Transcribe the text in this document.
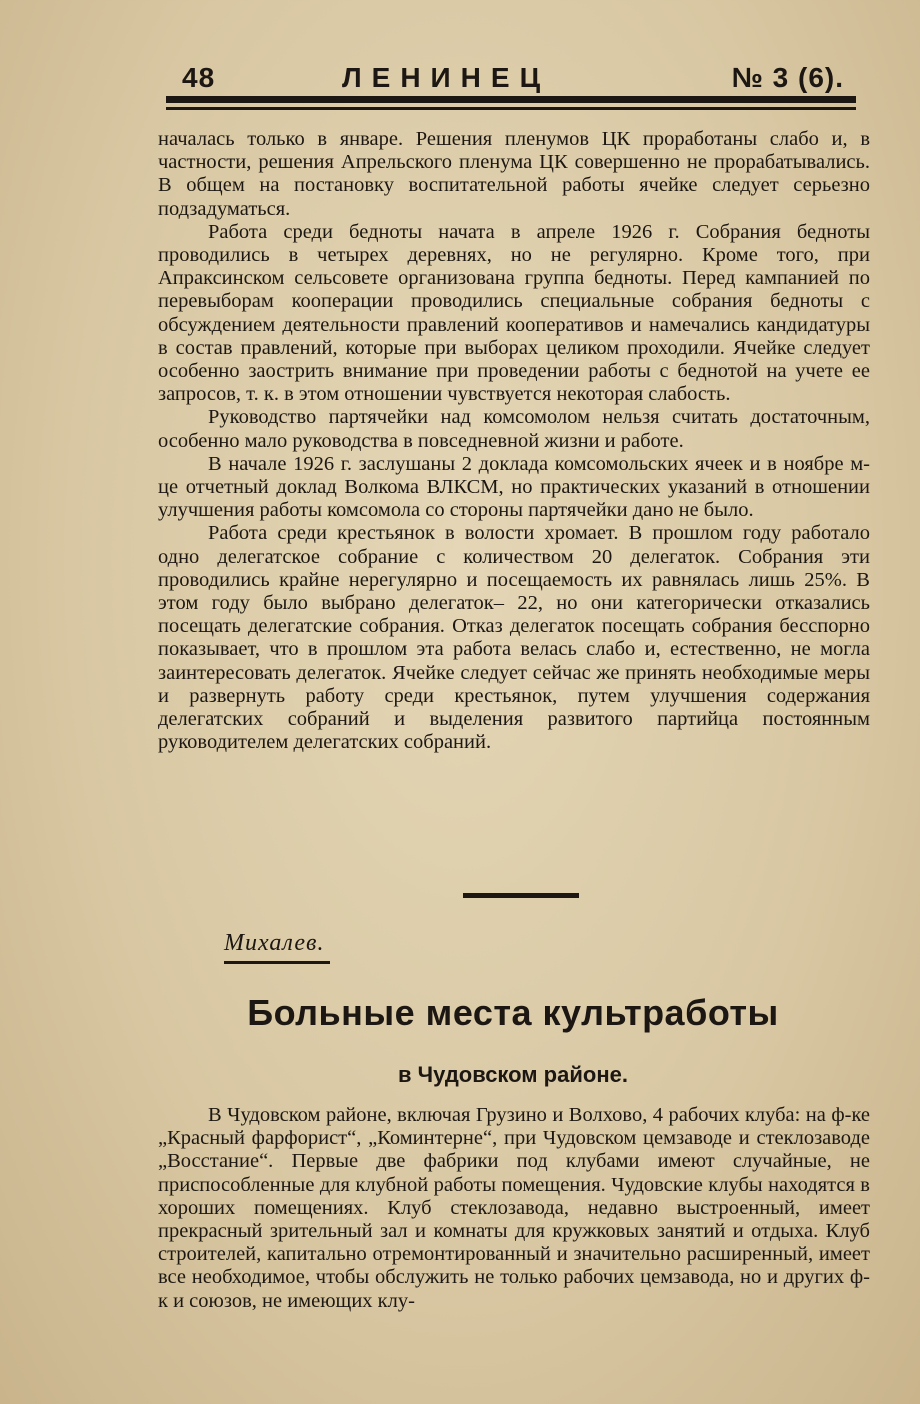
48	ЛЕНИНЕЦ	№ 3 (6).

началась только в январе. Решения пленумов ЦК проработаны слабо и, в частности, решения Апрельского пленума ЦК совершенно не прорабатывались. В общем на постановку воспитательной работы ячейке следует серьезно подзадуматься.

Работа среди бедноты начата в апреле 1926 г. Собрания бедноты проводились в четырех деревнях, но не регулярно. Кроме того, при Апраксинском сельсовете организована группа бедноты. Перед кампанией по перевыборам кооперации проводились специальные собрания бедноты с обсуждением деятельности правлений кооперативов и намечались кандидатуры в состав правлений, которые при выборах целиком проходили. Ячейке следует особенно заострить внимание при проведении работы с беднотой на учете ее запросов, т. к. в этом отношении чувствуется некоторая слабость.

Руководство партячейки над комсомолом нельзя считать достаточным, особенно мало руководства в повседневной жизни и работе.

В начале 1926 г. заслушаны 2 доклада комсомольских ячеек и в ноябре м-це отчетный доклад Волкома ВЛКСМ, но практических указаний в отношении улучшения работы комсомола со стороны партячейки дано не было.

Работа среди крестьянок в волости хромает. В прошлом году работало одно делегатское собрание с количеством 20 делегаток. Собрания эти проводились крайне нерегулярно и посещаемость их равнялась лишь 25%. В этом году было выбрано делегаток– 22, но они категорически отказались посещать делегатские собрания. Отказ делегаток посещать собрания бесспорно показывает, что в прошлом эта работа велась слабо и, естественно, не могла заинтересовать делегаток. Ячейке следует сейчас же принять необходимые меры и развернуть работу среди крестьянок, путем улучшения содержания делегатских собраний и выделения развитого партийца постоянным руководителем делегатских собраний.

Михалев.
Больные места культработы
в Чудовском районе.

В Чудовском районе, включая Грузино и Волхово, 4 рабочих клуба: на ф-ке „Красный фарфорист“, „Коминтерне“, при Чудовском цемзаводе и стеклозаводе „Восстание“. Первые две фабрики под клубами имеют случайные, не приспособленные для клубной работы помещения. Чудовские клубы находятся в хороших помещениях. Клуб стеклозавода, недавно выстроенный, имеет прекрасный зрительный зал и комнаты для кружковых занятий и отдыха. Клуб строителей, капитально отремонтированный и значительно расширенный, имеет все необходимое, чтобы обслужить не только рабочих цемзавода, но и других ф-к и союзов, не имеющих клу-
